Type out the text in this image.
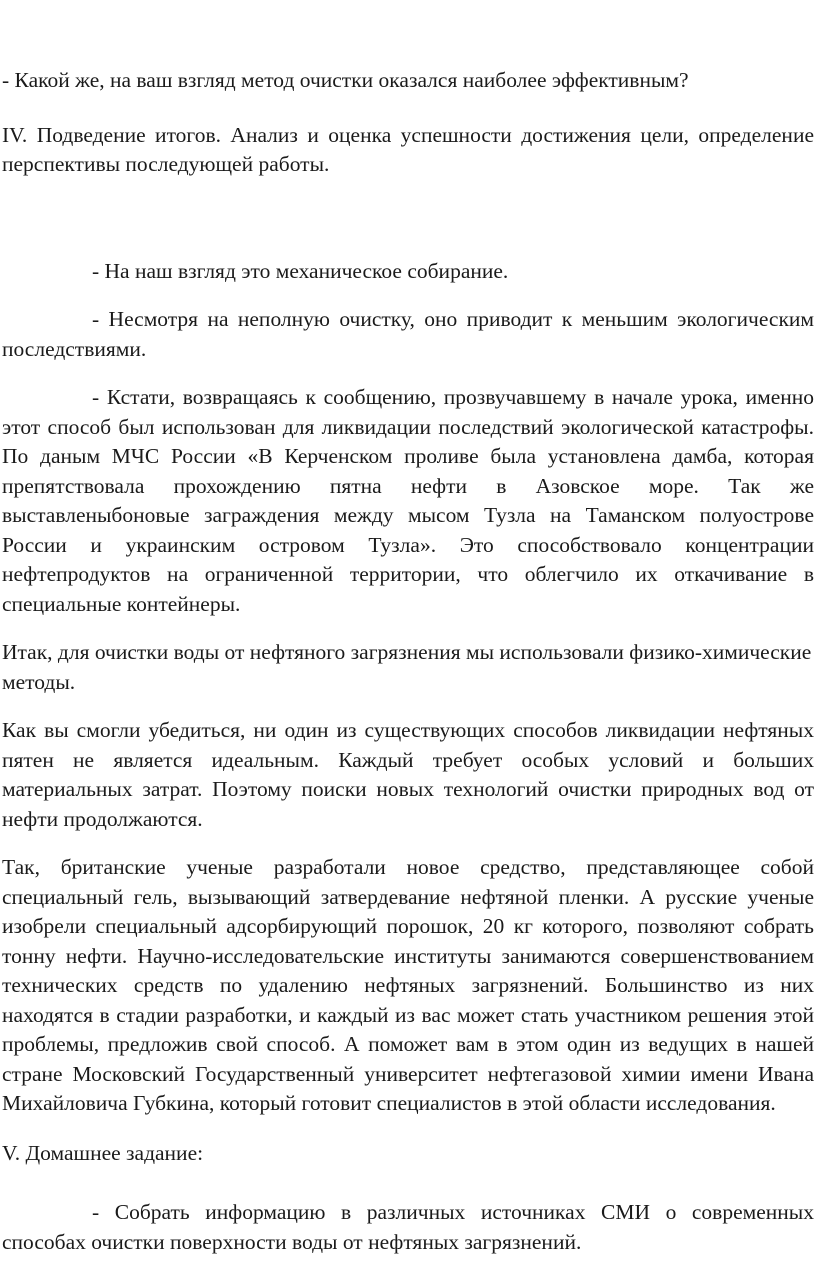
- Какой же, на ваш взгляд метод очистки оказался наиболее эффективным?

IV. Подведение итогов. Анализ и оценка успешности достижения цели, определение перспективы последующей работы.

- На наш взгляд это механическое собирание.

- Несмотря на неполную очистку, оно приводит к меньшим экологическим последствиями.

- Кстати, возвращаясь к сообщению, прозвучавшему в начале урока, именно этот способ был использован для ликвидации последствий экологической катастрофы. По даным МЧС России «В Керченском проливе была установлена дамба, которая препятствовала прохождению пятна нефти в Азовское море. Так же выставленыбоновые заграждения между мысом Тузла на Таманском полуострове России и украинским островом Тузла». Это способствовало концентрации нефтепродуктов на ограниченной территории, что облегчило их откачивание в специальные контейнеры.

Итак, для очистки воды от нефтяного загрязнения мы использовали физико-химические методы.

Как вы смогли убедиться, ни один из существующих способов ликвидации нефтяных пятен не является идеальным. Каждый требует особых условий и больших материальных затрат. Поэтому поиски новых технологий очистки природных вод от нефти продолжаются.

Так, британские ученые разработали новое средство, представляющее собой специальный гель, вызывающий затвердевание нефтяной пленки. А русские ученые изобрели специальный адсорбирующий порошок, 20 кг которого, позволяют собрать тонну нефти. Научно-исследовательские институты занимаются совершенствованием технических средств по удалению нефтяных загрязнений. Большинство из них находятся в стадии разработки, и каждый из вас может стать участником решения этой проблемы, предложив свой способ. А поможет вам в этом один из ведущих в нашей стране Московский Государственный университет нефтегазовой химии имени Ивана Михайловича Губкина, который готовит специалистов в этой области исследования.

V. Домашнее задание:

- Собрать информацию в различных источниках СМИ о современных способах очистки поверхности воды от нефтяных загрязнений.
